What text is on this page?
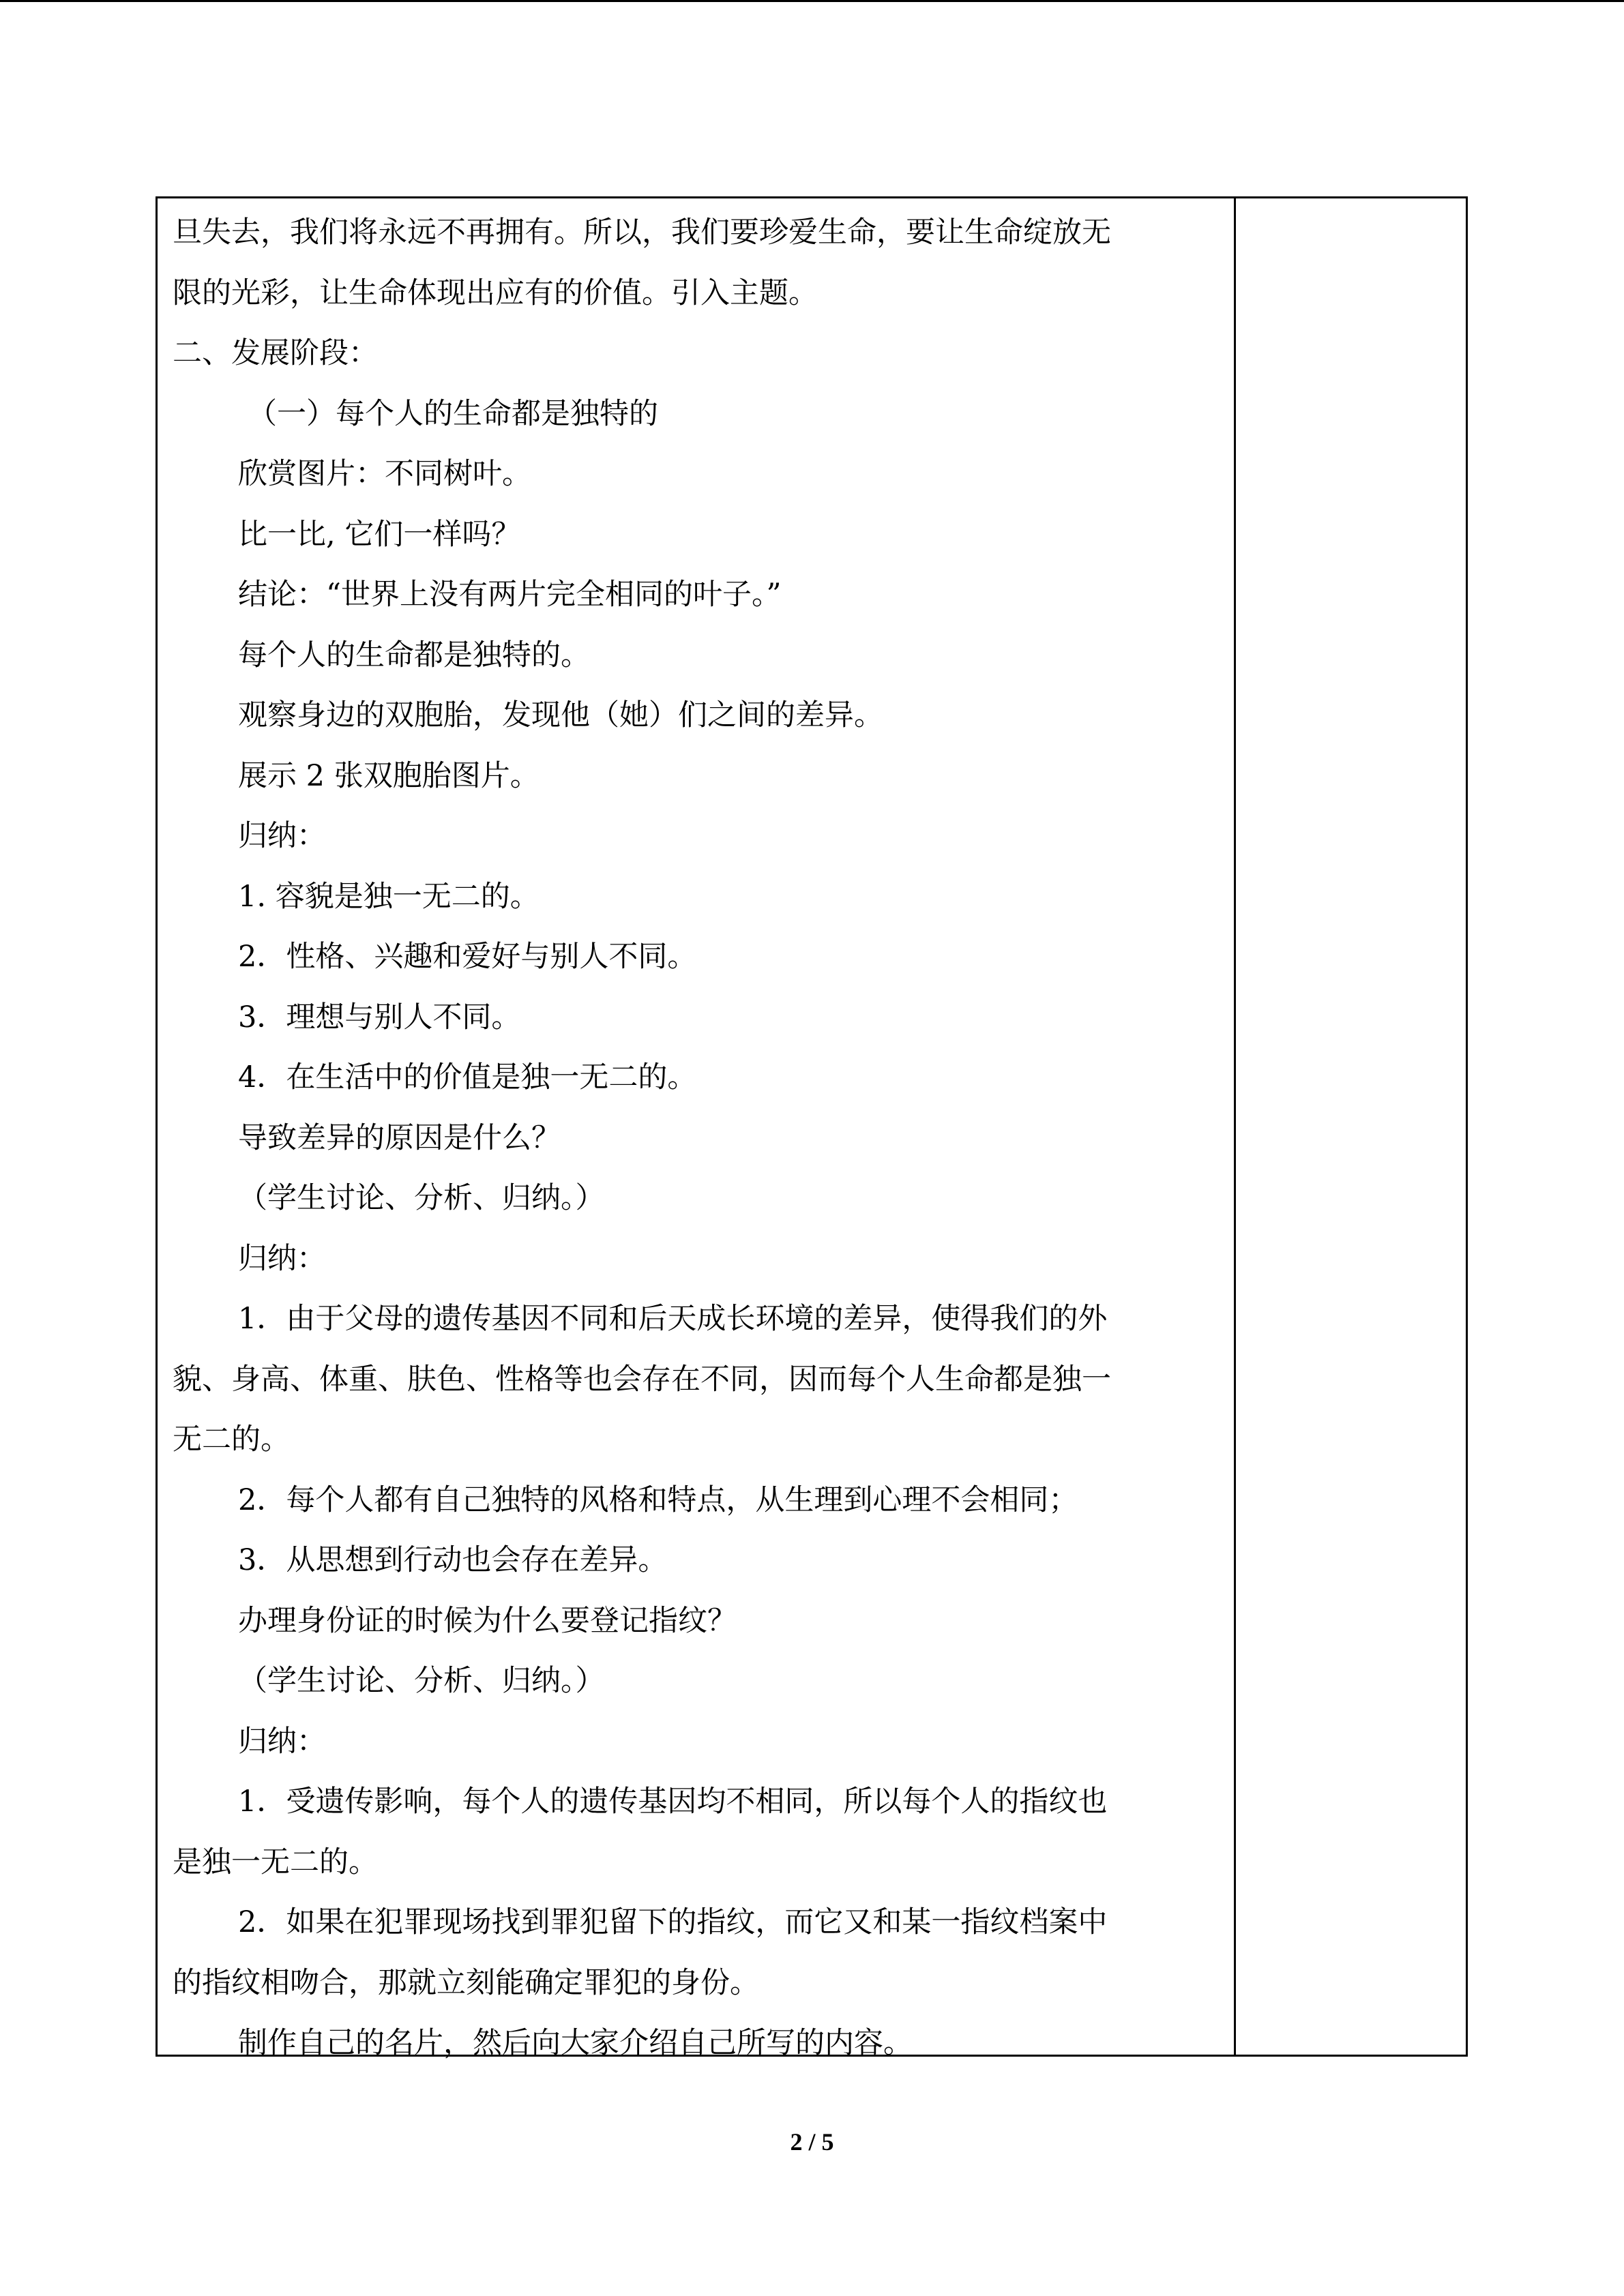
旦失去，我们将永远不再拥有。所以，我们要珍爱生命，要让生命绽放无
限的光彩，让生命体现出应有的价值。引入主题。
二、发展阶段：
（一）每个人的生命都是独特的
欣赏图片：不同树叶。
比一比, 它们一样吗？
结论：“世界上没有两片完全相同的叶子。”
每个人的生命都是独特的。
观察身边的双胞胎，发现他（她）们之间的差异。
展示 2 张双胞胎图片。
归纳：
1. 容貌是独一无二的。
2．性格、兴趣和爱好与别人不同。
3．理想与别人不同。
4．在生活中的价值是独一无二的。
导致差异的原因是什么？
（学生讨论、分析、归纳。）
归纳：
1．由于父母的遗传基因不同和后天成长环境的差异，使得我们的外
貌、身高、体重、肤色、性格等也会存在不同，因而每个人生命都是独一
无二的。
2．每个人都有自己独特的风格和特点，从生理到心理不会相同；
3．从思想到行动也会存在差异。
办理身份证的时候为什么要登记指纹？
（学生讨论、分析、归纳。）
归纳：
1．受遗传影响，每个人的遗传基因均不相同，所以每个人的指纹也
是独一无二的。
2．如果在犯罪现场找到罪犯留下的指纹，而它又和某一指纹档案中
的指纹相吻合，那就立刻能确定罪犯的身份。
制作自己的名片，然后向大家介绍自己所写的内容。
2 / 5
